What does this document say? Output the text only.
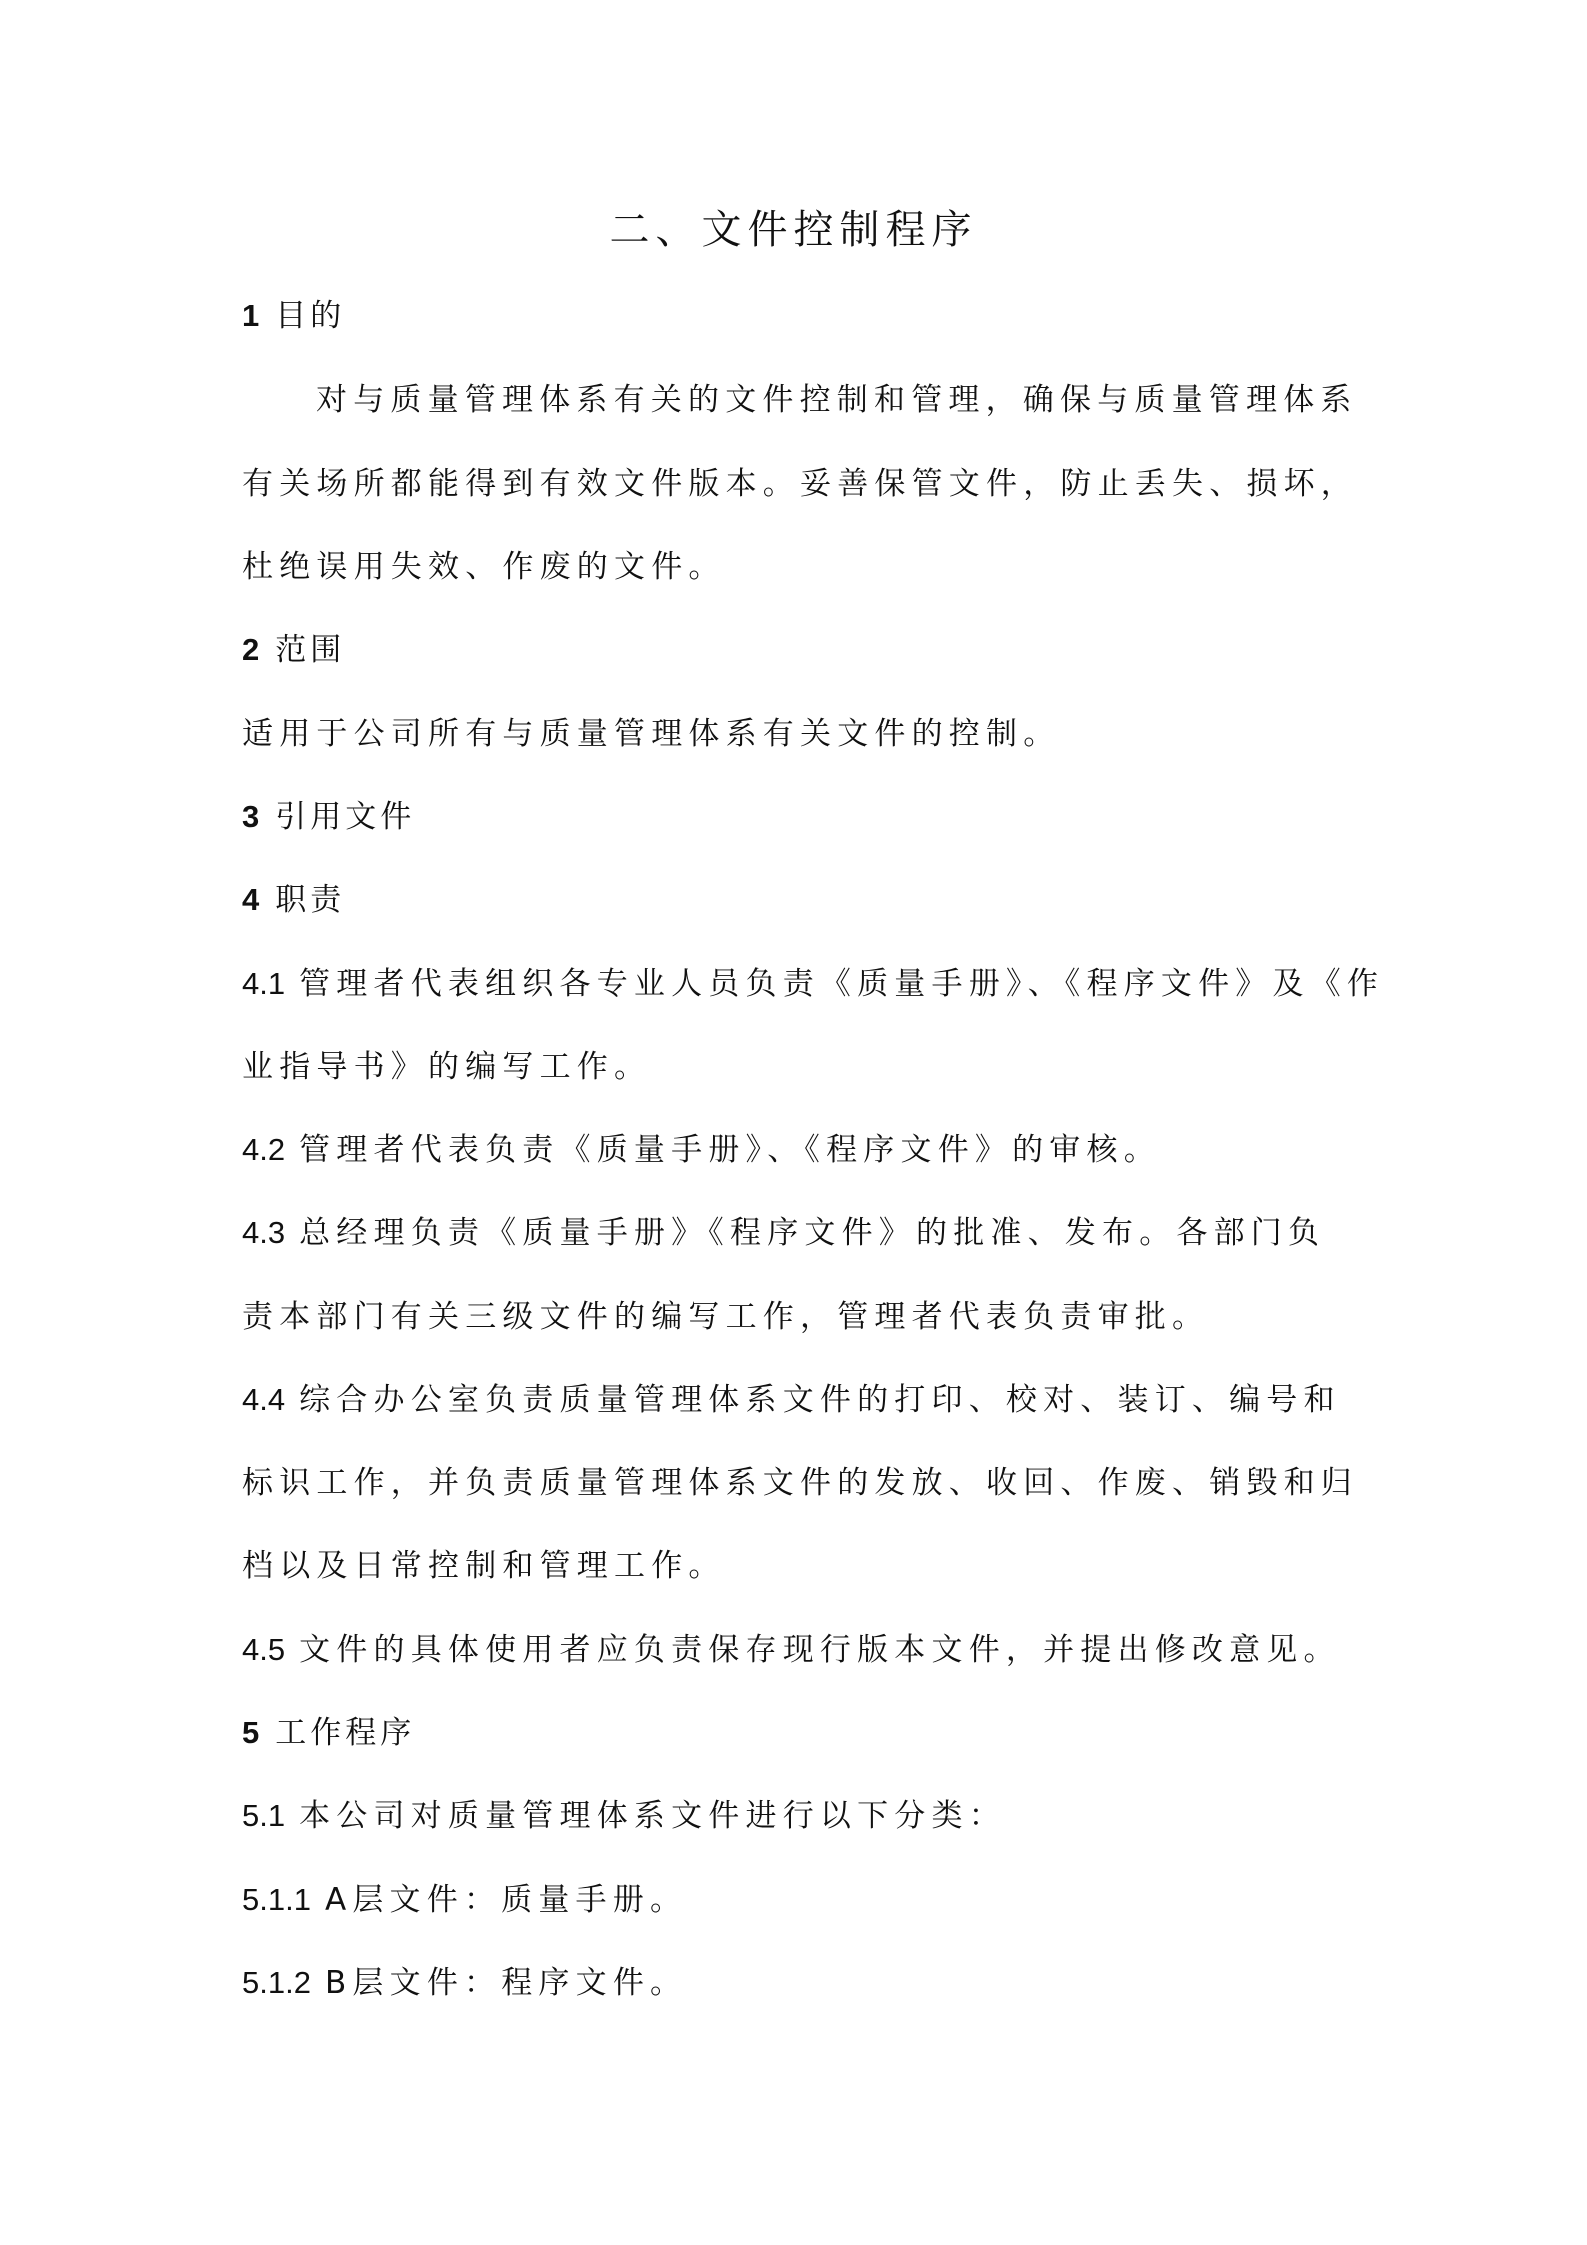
二、文件控制程序
1 目的

对与质量管理体系有关的文件控制和管理，确保与质量管理体系

有关场所都能得到有效文件版本。妥善保管文件，防止丢失、损坏，

杜绝误用失效、作废的文件。

2 范围

适用于公司所有与质量管理体系有关文件的控制。

3 引用文件
4 职责

4.1 管理者代表组织各专业人员负责《质量手册》、《程序文件》及《作

业指导书》的编写工作。

4.2 管理者代表负责《质量手册》、《程序文件》的审核。

4.3 总经理负责《质量手册》《程序文件》的批准、发布。各部门负

责本部门有关三级文件的编写工作，管理者代表负责审批。

4.4 综合办公室负责质量管理体系文件的打印、校对、装订、编号和

标识工作，并负责质量管理体系文件的发放、收回、作废、销毁和归

档以及日常控制和管理工作。

4.5 文件的具体使用者应负责保存现行版本文件，并提出修改意见。

5 工作程序

5.1 本公司对质量管理体系文件进行以下分类：

5.1.1 A层文件：质量手册。

5.1.2 B层文件：程序文件。
